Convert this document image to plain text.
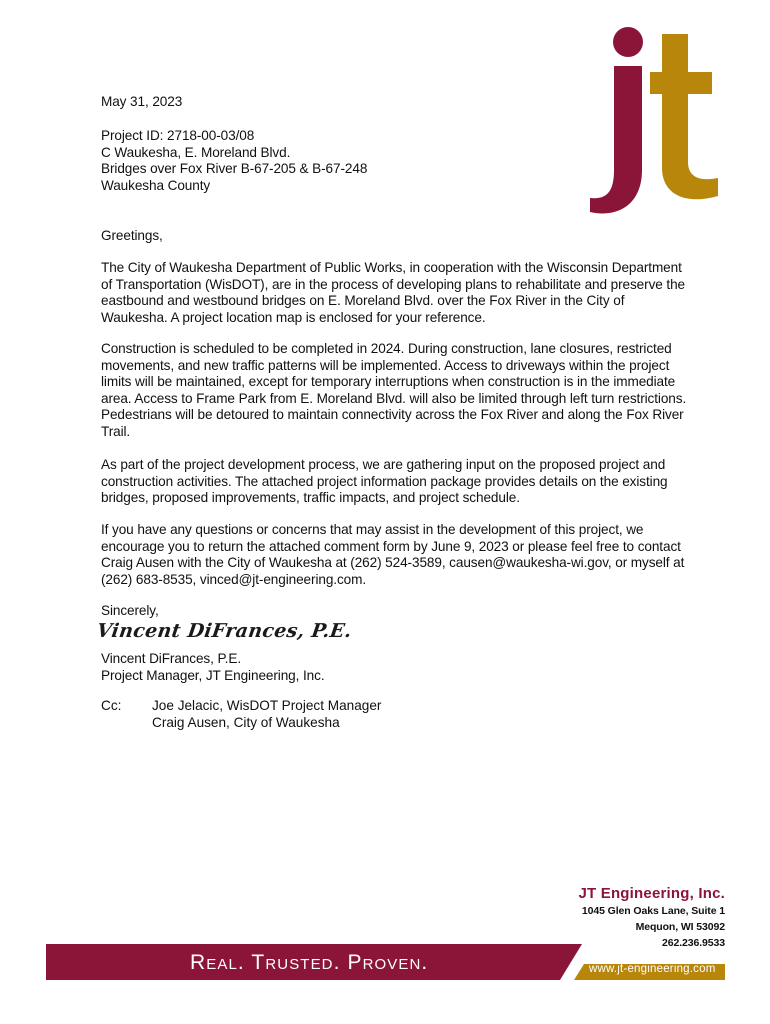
May 31, 2023
Project ID: 2718-00-03/08
C Waukesha, E. Moreland Blvd.
Bridges over Fox River B-67-205 & B-67-248
Waukesha County
Greetings,
The City of Waukesha Department of Public Works, in cooperation with the Wisconsin Department
of Transportation (WisDOT), are in the process of developing plans to rehabilitate and preserve the
eastbound and westbound bridges on E. Moreland Blvd. over the Fox River in the City of
Waukesha. A project location map is enclosed for your reference.
Construction is scheduled to be completed in 2024. During construction, lane closures, restricted
movements, and new traffic patterns will be implemented. Access to driveways within the project
limits will be maintained, except for temporary interruptions when construction is in the immediate
area. Access to Frame Park from E. Moreland Blvd. will also be limited through left turn restrictions.
Pedestrians will be detoured to maintain connectivity across the Fox River and along the Fox River
Trail.
As part of the project development process, we are gathering input on the proposed project and
construction activities. The attached project information package provides details on the existing
bridges, proposed improvements, traffic impacts, and project schedule.
If you have any questions or concerns that may assist in the development of this project, we
encourage you to return the attached comment form by June 9, 2023 or please feel free to contact
Craig Ausen with the City of Waukesha at (262) 524-3589, causen@waukesha-wi.gov, or myself at
(262) 683-8535, vinced@jt-engineering.com.
Sincerely,
Vincent DiFrances, P.E.
Vincent DiFrances, P.E.
Project Manager, JT Engineering, Inc.
Cc: Joe Jelacic, WisDOT Project Manager
Craig Ausen, City of Waukesha
JT Engineering, Inc.
1045 Glen Oaks Lane, Suite 1
Mequon, WI 53092
262.236.9533
Real. Trusted. Proven.	www.jt-engineering.com
